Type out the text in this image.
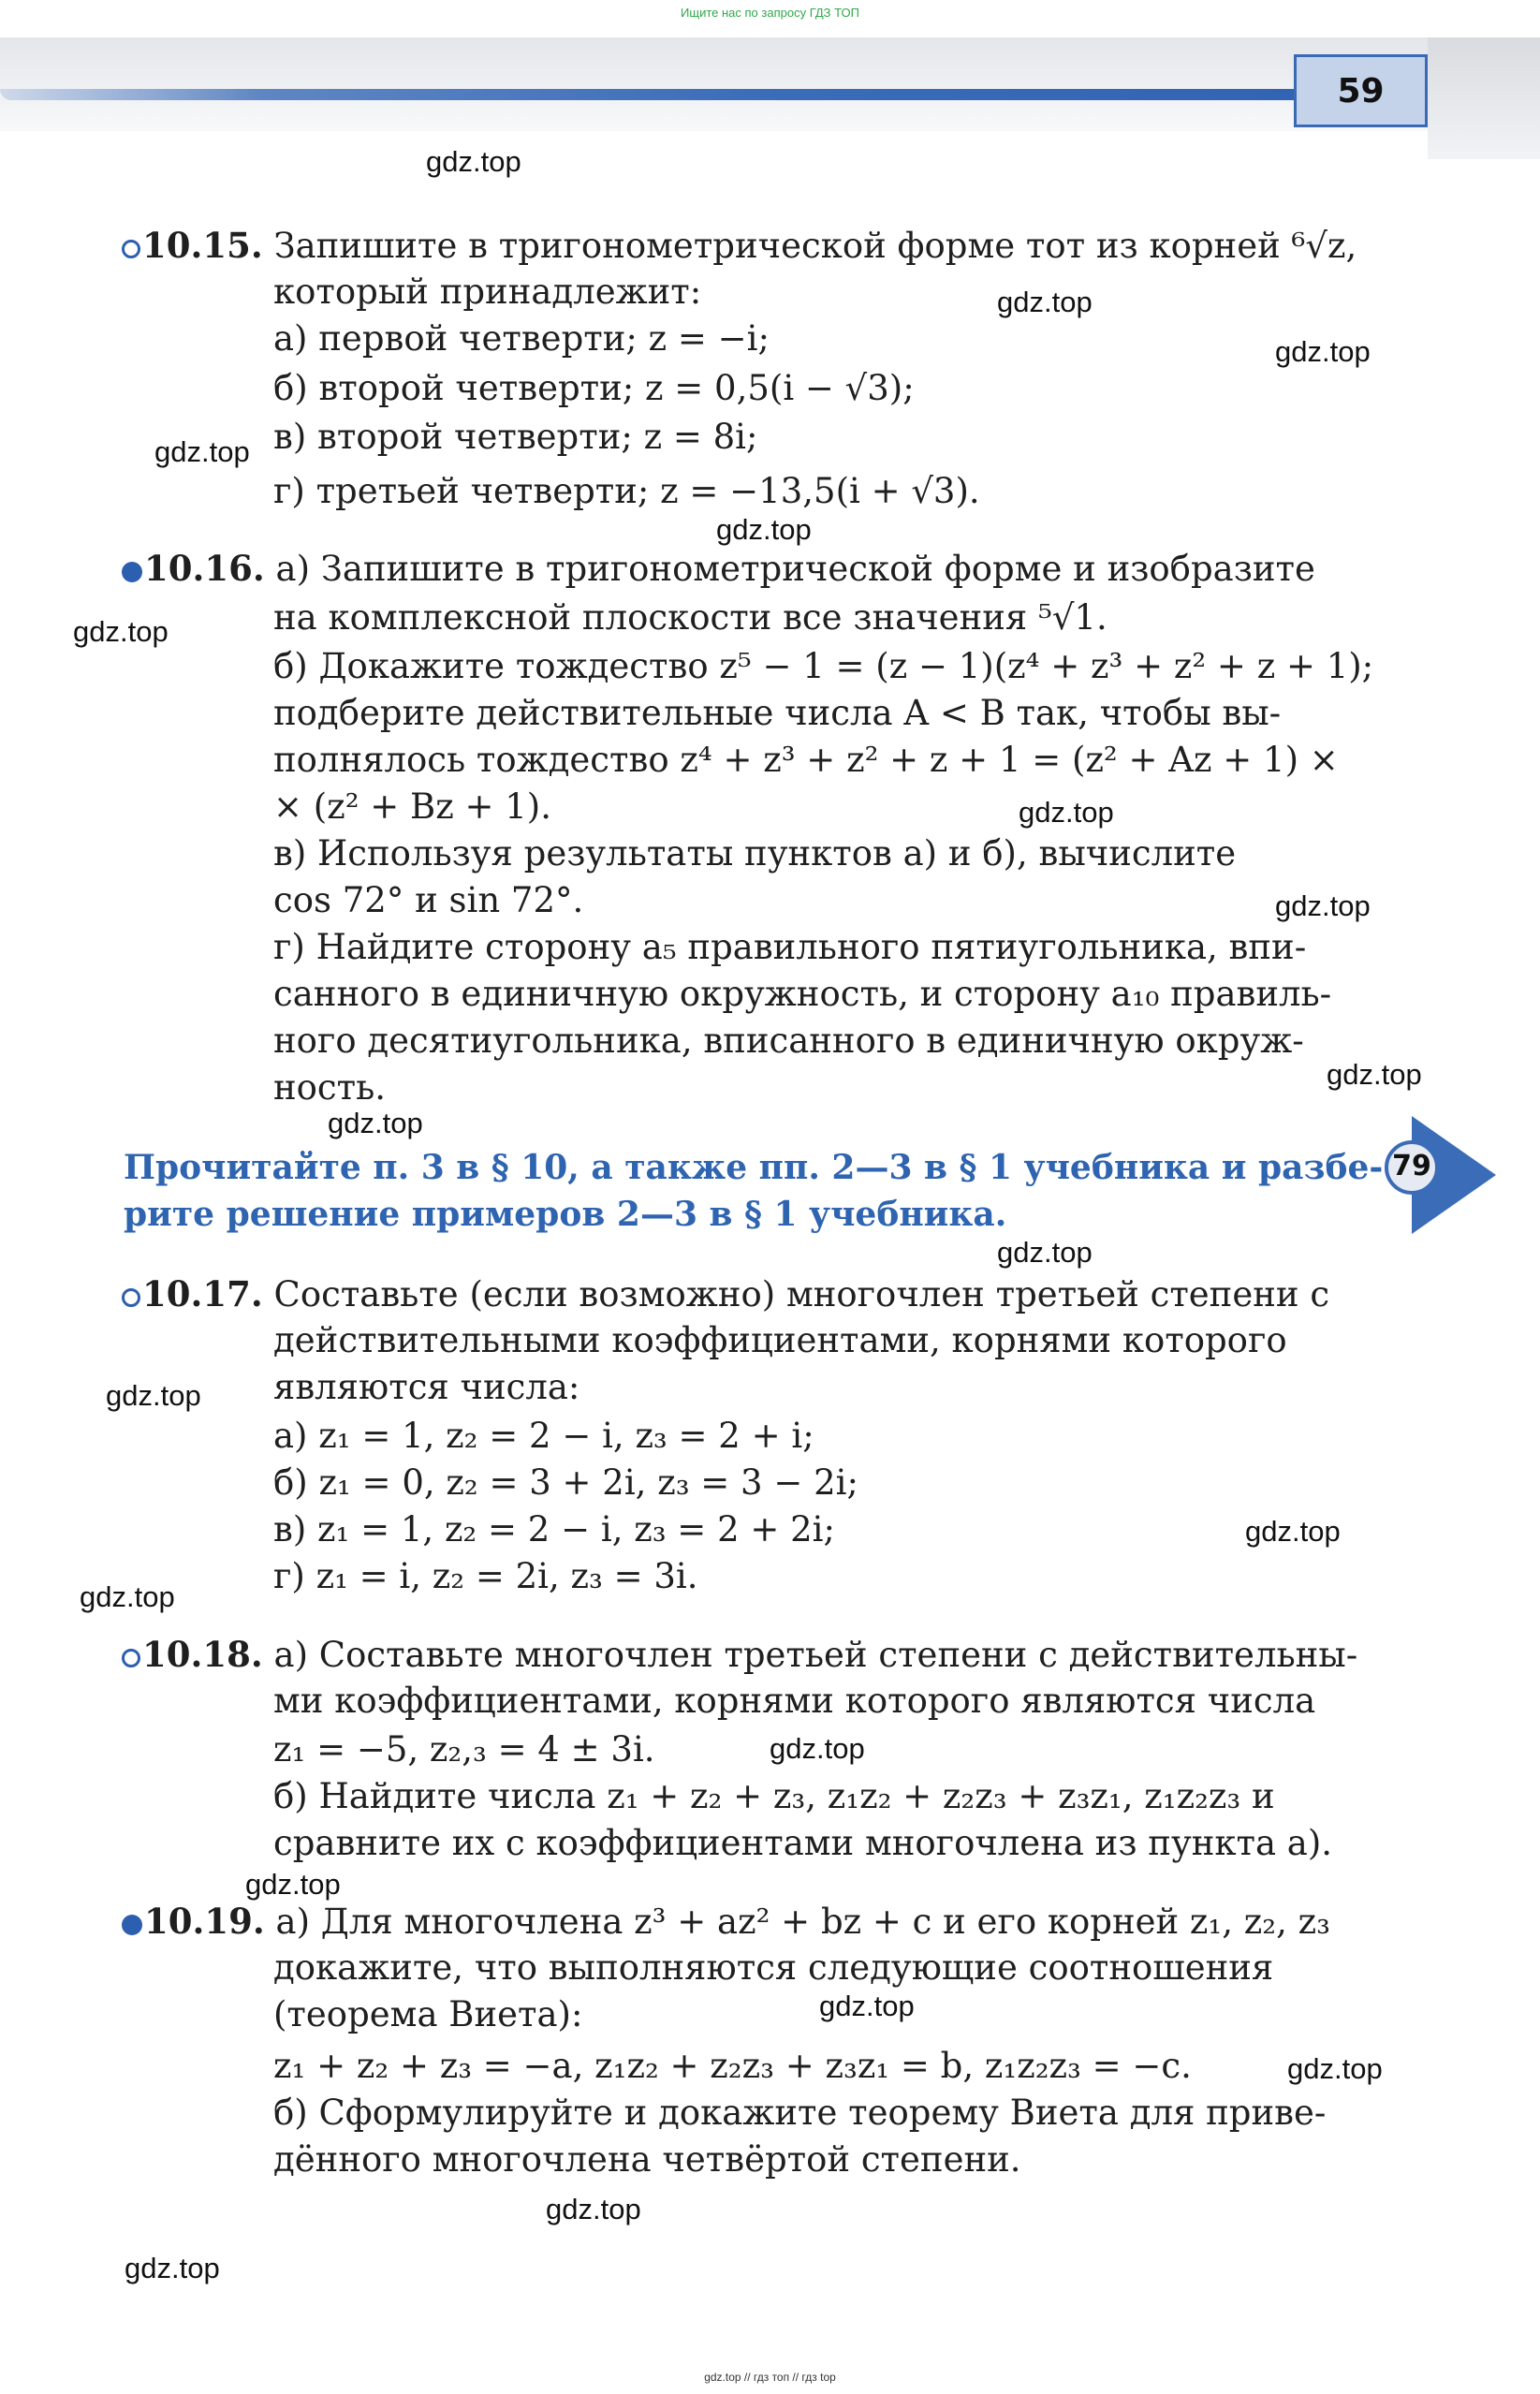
Ищите нас по запросу ГДЗ ТОП
59
10.15. Запишите в тригонометрической форме тот из корней ⁶√z,
который принадлежит:
а) первой четверти; z = −i;
б) второй четверти; z = 0,5(i − √3);
в) второй четверти; z = 8i;
г) третьей четверти; z = −13,5(i + √3).
10.16. а) Запишите в тригонометрической форме и изобразите
на комплексной плоскости все значения ⁵√1.
б) Докажите тождество z⁵ − 1 = (z − 1)(z⁴ + z³ + z² + z + 1);
подберите действительные числа A < B так, чтобы вы-
полнялось тождество z⁴ + z³ + z² + z + 1 = (z² + Az + 1) ×
× (z² + Bz + 1).
в) Используя результаты пунктов а) и б), вычислите
cos 72° и sin 72°.
г) Найдите сторону a₅ правильного пятиугольника, впи-
санного в единичную окружность, и сторону a₁₀ правиль-
ного десятиугольника, вписанного в единичную окруж-
ность.
Прочитайте п. 3 в § 10, а также пп. 2—3 в § 1 учебника и разбе-
рите решение примеров 2—3 в § 1 учебника.
79
10.17. Составьте (если возможно) многочлен третьей степени с
действительными коэффициентами, корнями которого
являются числа:
а) z₁ = 1, z₂ = 2 − i, z₃ = 2 + i;
б) z₁ = 0, z₂ = 3 + 2i, z₃ = 3 − 2i;
в) z₁ = 1, z₂ = 2 − i, z₃ = 2 + 2i;
г) z₁ = i, z₂ = 2i, z₃ = 3i.
10.18. а) Составьте многочлен третьей степени с действительны-
ми коэффициентами, корнями которого являются числа
z₁ = −5, z₂,₃ = 4 ± 3i.
б) Найдите числа z₁ + z₂ + z₃, z₁z₂ + z₂z₃ + z₃z₁, z₁z₂z₃ и
сравните их с коэффициентами многочлена из пункта а).
10.19. а) Для многочлена z³ + az² + bz + c и его корней z₁, z₂, z₃
докажите, что выполняются следующие соотношения
(теорема Виета):
z₁ + z₂ + z₃ = −a, z₁z₂ + z₂z₃ + z₃z₁ = b, z₁z₂z₃ = −c.
б) Сформулируйте и докажите теорему Виета для приве-
дённого многочлена четвёртой степени.
gdz.top
gdz.top
gdz.top
gdz.top
gdz.top
gdz.top
gdz.top
gdz.top
gdz.top
gdz.top
gdz.top
gdz.top
gdz.top
gdz.top
gdz.top
gdz.top
gdz.top
gdz.top
gdz.top
gdz.top
gdz.top // гдз топ // гдз top
